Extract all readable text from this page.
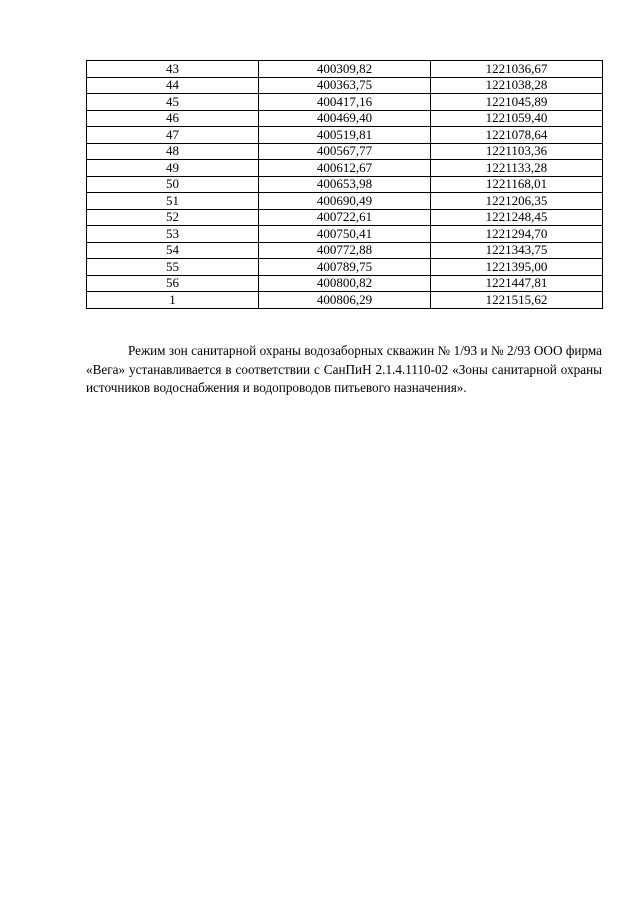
43	400309,82	1221036,67
44	400363,75	1221038,28
45	400417,16	1221045,89
46	400469,40	1221059,40
47	400519,81	1221078,64
48	400567,77	1221103,36
49	400612,67	1221133,28
50	400653,98	1221168,01
51	400690,49	1221206,35
52	400722,61	1221248,45
53	400750,41	1221294,70
54	400772,88	1221343,75
55	400789,75	1221395,00
56	400800,82	1221447,81
1	400806,29	1221515,62

Режим зон санитарной охраны водозаборных скважин № 1/93 и № 2/93 ООО фирма «Вега» устанавливается в соответствии с СанПиН 2.1.4.1110-02 «Зоны санитарной охраны источников водоснабжения и водопроводов питьевого назначения».
